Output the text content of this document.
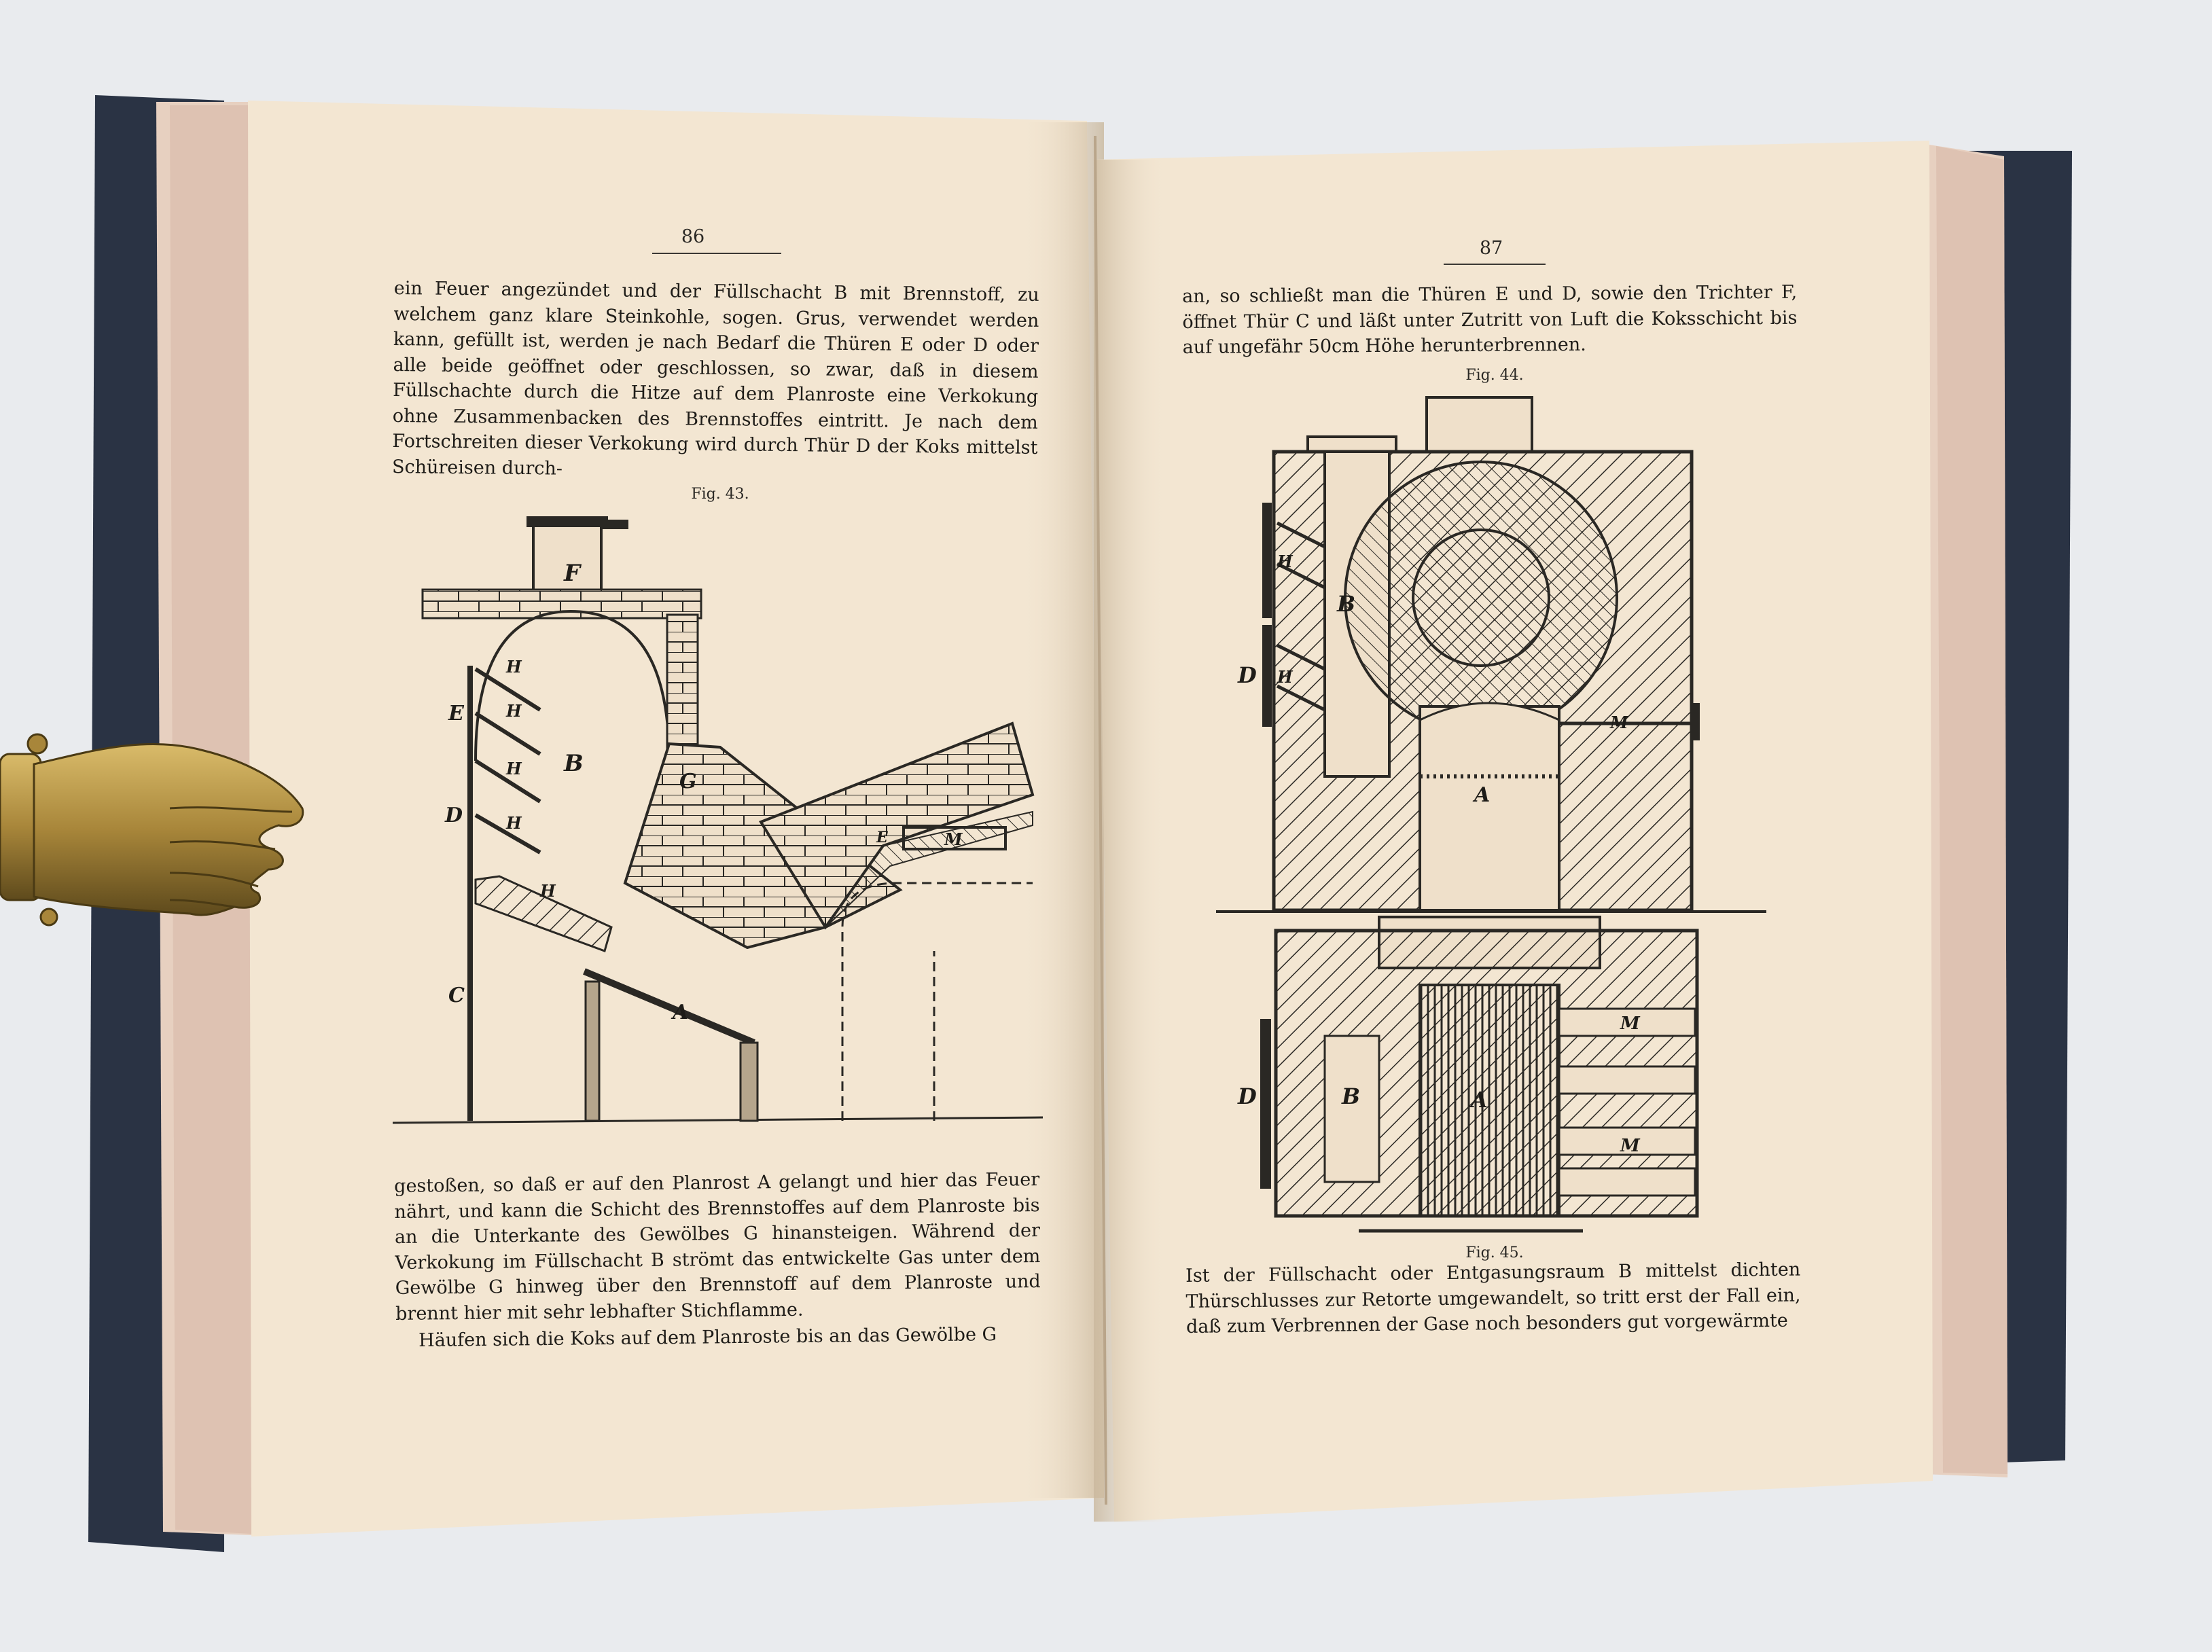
F
E
D
C
B
H
H
H
H
H
G
A
M
E
H
B
D H
A
M
M
D	B	A
M
86
ein Feuer angezündet und der Füllschacht B mit Brennstoff, zu welchem ganz klare Steinkohle, sogen. Grus, verwendet werden kann, gefüllt ist, werden je nach Bedarf die Thüren E oder D oder alle beide geöffnet oder geschlossen, so zwar, daß in diesem Füllschachte durch die Hitze auf dem Planroste eine Verkokung ohne Zusammenbacken des Brennstoffes eintritt. Je nach dem Fortschreiten dieser Verkokung wird durch Thür D der Koks mittelst Schüreisen durch-
Fig. 43.
gestoßen, so daß er auf den Planrost A gelangt und hier das Feuer nährt, und kann die Schicht des Brennstoffes auf dem Planroste bis an die Unterkante des Gewölbes G hinansteigen. Während der Verkokung im Füllschacht B strömt das entwickelte Gas unter dem Gewölbe G hinweg über den Brennstoff auf dem Planroste und brennt hier mit sehr lebhafter Stichflamme.
Häufen sich die Koks auf dem Planroste bis an das Gewölbe G
87
an, so schließt man die Thüren E und D, sowie den Trichter F, öffnet Thür C und läßt unter Zutritt von Luft die Koksschicht bis auf ungefähr 50cm Höhe herunterbrennen.
Fig. 44.
Fig. 45.
Ist der Füllschacht oder Entgasungsraum B mittelst dichten Thürschlusses zur Retorte umgewandelt, so tritt erst der Fall ein, daß zum Verbrennen der Gase noch besonders gut vorgewärmte
